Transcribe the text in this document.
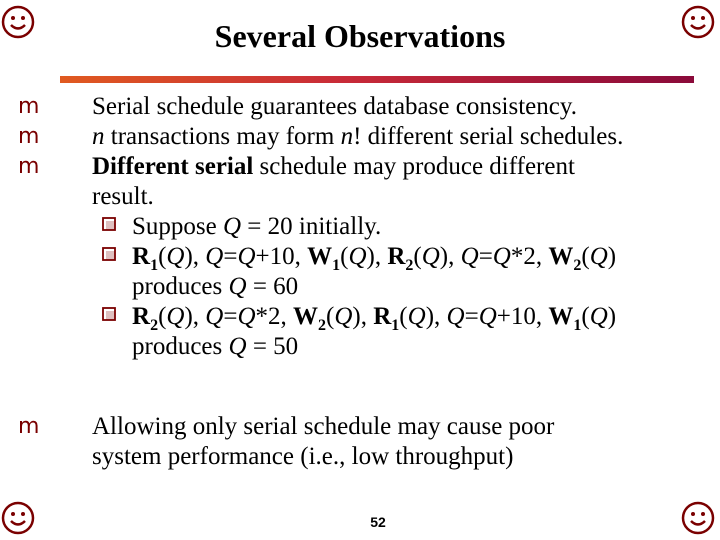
Several Observations
m Serial schedule guarantees database consistency.
m n transactions may form n! different serial schedules.
m Different serial schedule may produce different
result.
Suppose Q = 20 initially.
$R_1(Q)$, Q=Q+10, $W_1(Q)$, $R_2(Q)$, Q=Q*2, $W_2(Q)$
produces Q = 60
$R_2(Q)$, Q=Q*2, $W_2(Q)$, $R_1(Q)$, Q=Q+10, $W_1(Q)$
produces Q = 50
m Allowing only serial schedule may cause poor
system performance (i.e., low throughput)
52
